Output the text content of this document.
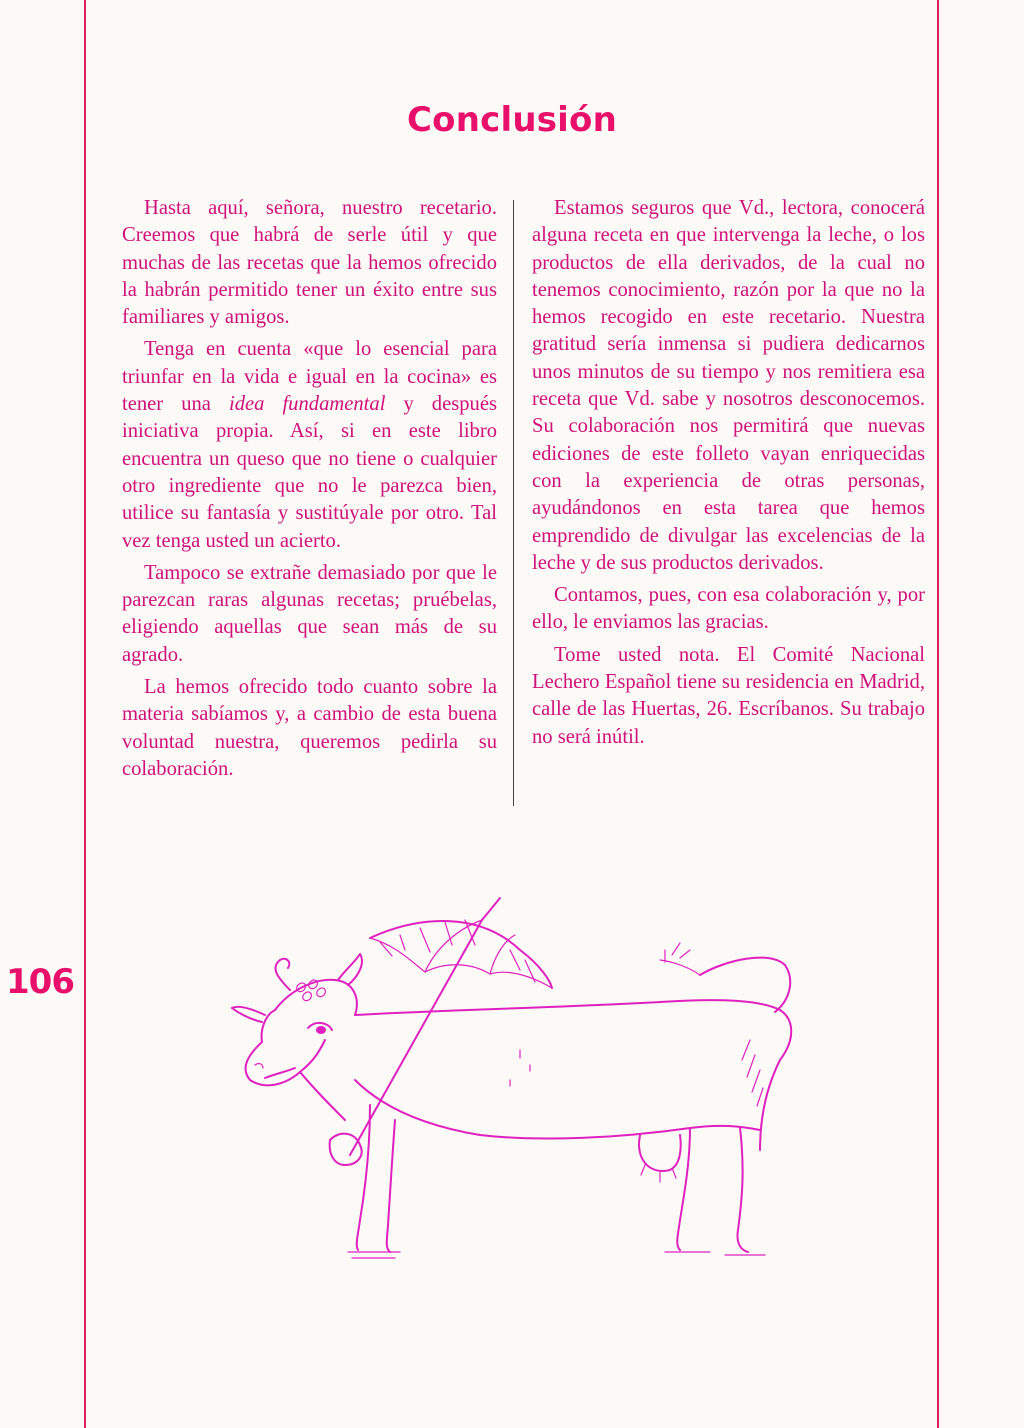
Conclusión

Hasta aquí, señora, nuestro recetario. Creemos que habrá de serle útil y que muchas de las recetas que la hemos ofrecido la habrán permitido tener un éxito entre sus familiares y amigos.

Tenga en cuenta «que lo esencial para triunfar en la vida e igual en la cocina» es tener una idea fundamental y después iniciativa propia. Así, si en este libro encuentra un queso que no tiene o cualquier otro ingrediente que no le parezca bien, utilice su fantasía y sustitúyale por otro. Tal vez tenga usted un acierto.

Tampoco se extrañe demasiado por que le parezcan raras algunas recetas; pruébelas, eligiendo aquellas que sean más de su agrado.

La hemos ofrecido todo cuanto sobre la materia sabíamos y, a cambio de esta buena voluntad nuestra, queremos pedirla su colaboración.

Estamos seguros que Vd., lectora, conocerá alguna receta en que intervenga la leche, o los productos de ella derivados, de la cual no tenemos conocimiento, razón por la que no la hemos recogido en este recetario. Nuestra gratitud sería inmensa si pudiera dedicarnos unos minutos de su tiempo y nos remitiera esa receta que Vd. sabe y nosotros desconocemos. Su colaboración nos permitirá que nuevas ediciones de este folleto vayan enriquecidas con la experiencia de otras personas, ayudándonos en esta tarea que hemos emprendido de divulgar las excelencias de la leche y de sus productos derivados.

Contamos, pues, con esa colaboración y, por ello, le enviamos las gracias.

Tome usted nota. El Comité Nacional Lechero Español tiene su residencia en Madrid, calle de las Huertas, 26. Escríbanos. Su trabajo no será inútil.

106
